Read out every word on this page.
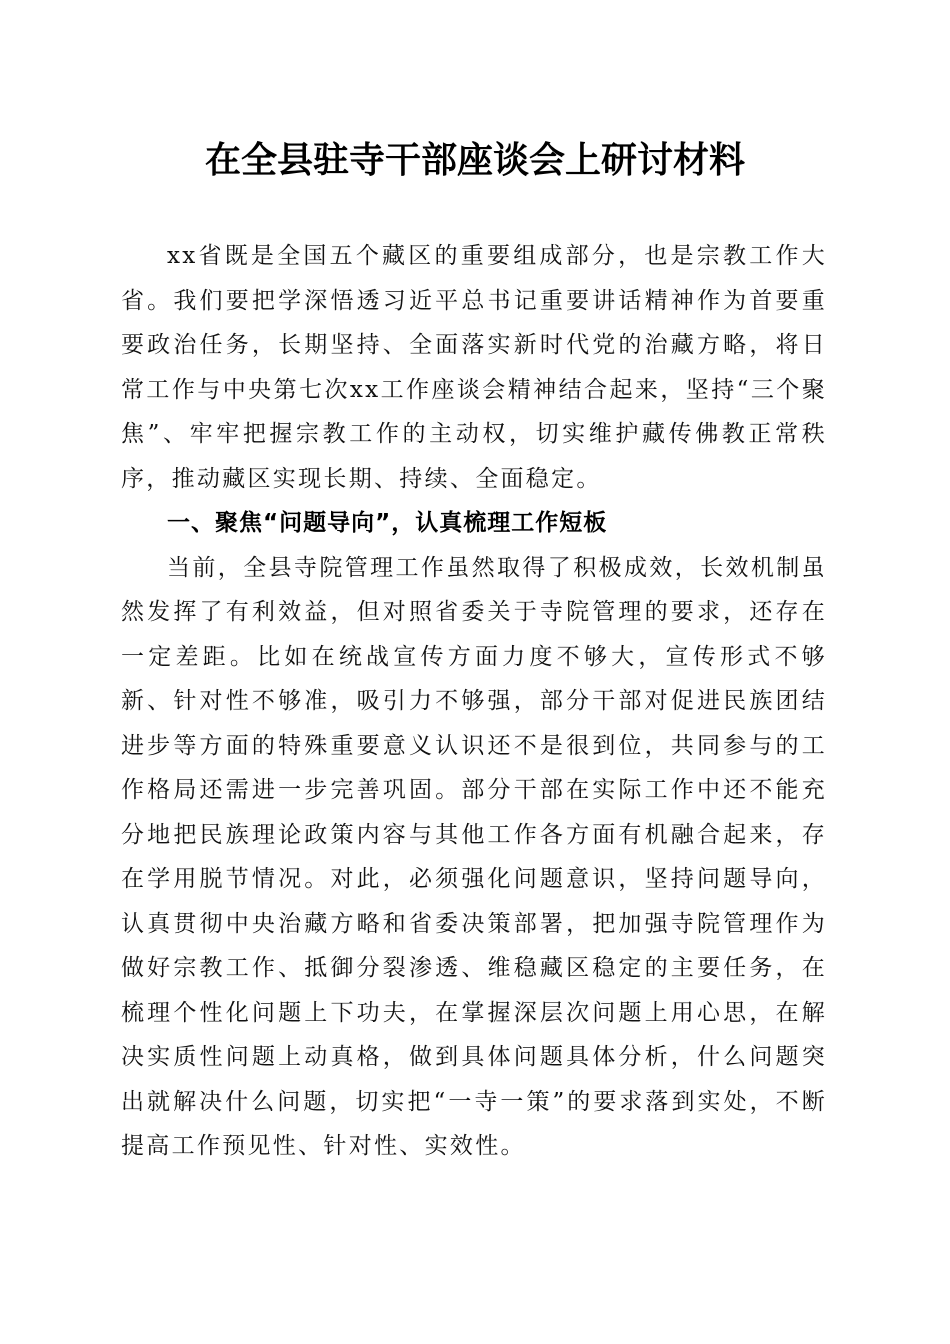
在全县驻寺干部座谈会上研讨材料

xx省既是全国五个藏区的重要组成部分，也是宗教工作大省。我们要把学深悟透习近平总书记重要讲话精神作为首要重要政治任务，长期坚持、全面落实新时代党的治藏方略，将日常工作与中央第七次xx工作座谈会精神结合起来，坚持“三个聚焦”、牢牢把握宗教工作的主动权，切实维护藏传佛教正常秩序，推动藏区实现长期、持续、全面稳定。

一、聚焦“问题导向”，认真梳理工作短板

当前，全县寺院管理工作虽然取得了积极成效，长效机制虽然发挥了有利效益，但对照省委关于寺院管理的要求，还存在一定差距。比如在统战宣传方面力度不够大，宣传形式不够新、针对性不够准，吸引力不够强，部分干部对促进民族团结进步等方面的特殊重要意义认识还不是很到位，共同参与的工作格局还需进一步完善巩固。部分干部在实际工作中还不能充分地把民族理论政策内容与其他工作各方面有机融合起来，存在学用脱节情况。对此，必须强化问题意识，坚持问题导向，认真贯彻中央治藏方略和省委决策部署，把加强寺院管理作为做好宗教工作、抵御分裂渗透、维稳藏区稳定的主要任务，在梳理个性化问题上下功夫，在掌握深层次问题上用心思，在解决实质性问题上动真格，做到具体问题具体分析，什么问题突出就解决什么问题，切实把“一寺一策”的要求落到实处，不断提高工作预见性、针对性、实效性。
